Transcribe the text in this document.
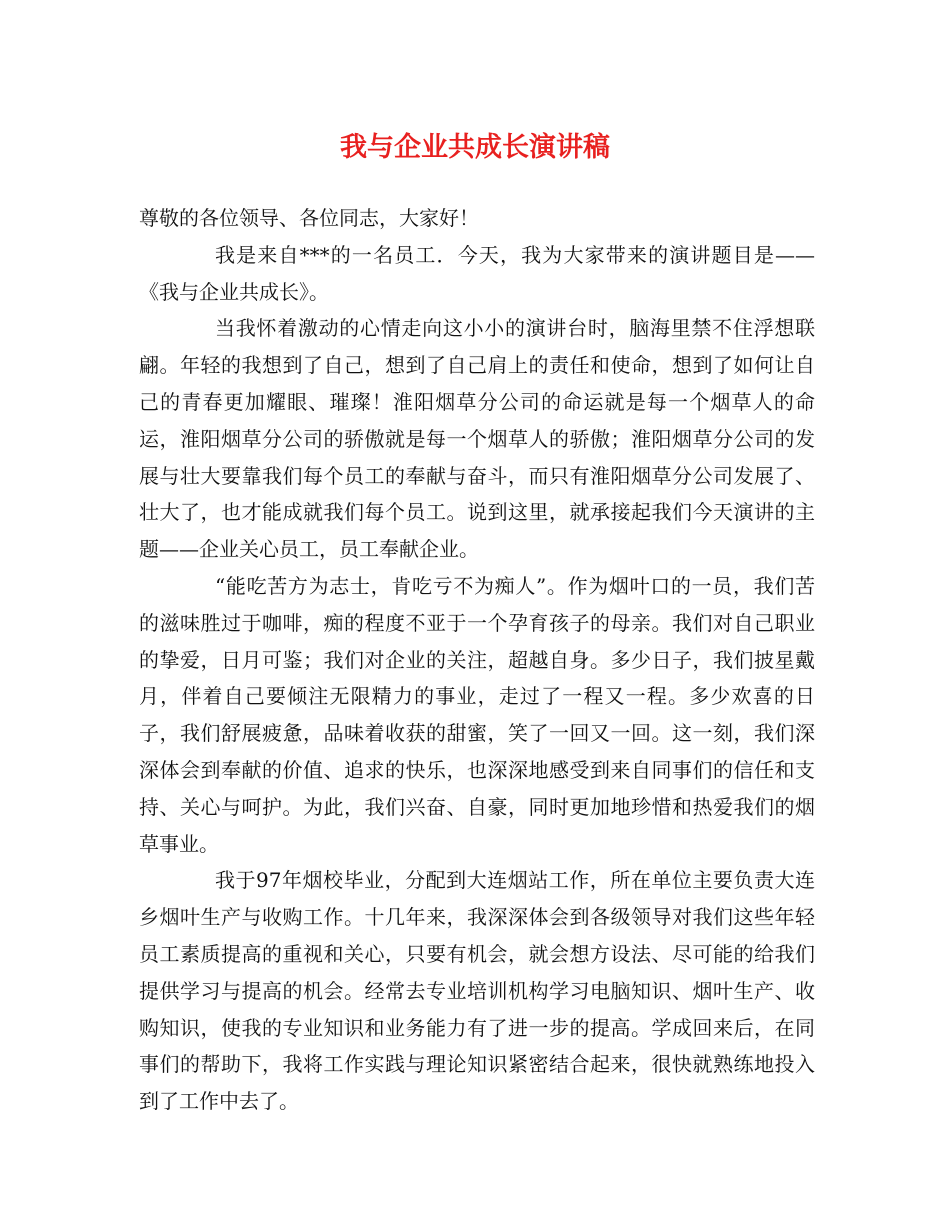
我与企业共成长演讲稿

尊敬的各位领导、各位同志，大家好！

我是来自***的一名员工．今天，我为大家带来的演讲题目是——《我与企业共成长》。

当我怀着激动的心情走向这小小的演讲台时，脑海里禁不住浮想联翩。年轻的我想到了自己，想到了自己肩上的责任和使命，想到了如何让自己的青春更加耀眼、璀璨！淮阳烟草分公司的命运就是每一个烟草人的命运，淮阳烟草分公司的骄傲就是每一个烟草人的骄傲；淮阳烟草分公司的发展与壮大要靠我们每个员工的奉献与奋斗，而只有淮阳烟草分公司发展了、壮大了，也才能成就我们每个员工。说到这里，就承接起我们今天演讲的主题——企业关心员工，员工奉献企业。

“能吃苦方为志士，肯吃亏不为痴人”。作为烟叶口的一员，我们苦的滋味胜过于咖啡，痴的程度不亚于一个孕育孩子的母亲。我们对自己职业的挚爱，日月可鉴；我们对企业的关注，超越自身。多少日子，我们披星戴月，伴着自己要倾注无限精力的事业，走过了一程又一程。多少欢喜的日子，我们舒展疲惫，品味着收获的甜蜜，笑了一回又一回。这一刻，我们深深体会到奉献的价值、追求的快乐，也深深地感受到来自同事们的信任和支持、关心与呵护。为此，我们兴奋、自豪，同时更加地珍惜和热爱我们的烟草事业。

我于97年烟校毕业，分配到大连烟站工作，所在单位主要负责大连乡烟叶生产与收购工作。十几年来，我深深体会到各级领导对我们这些年轻员工素质提高的重视和关心，只要有机会，就会想方设法、尽可能的给我们提供学习与提高的机会。经常去专业培训机构学习电脑知识、烟叶生产、收购知识，使我的专业知识和业务能力有了进一步的提高。学成回来后，在同事们的帮助下，我将工作实践与理论知识紧密结合起来，很快就熟练地投入到了工作中去了。
